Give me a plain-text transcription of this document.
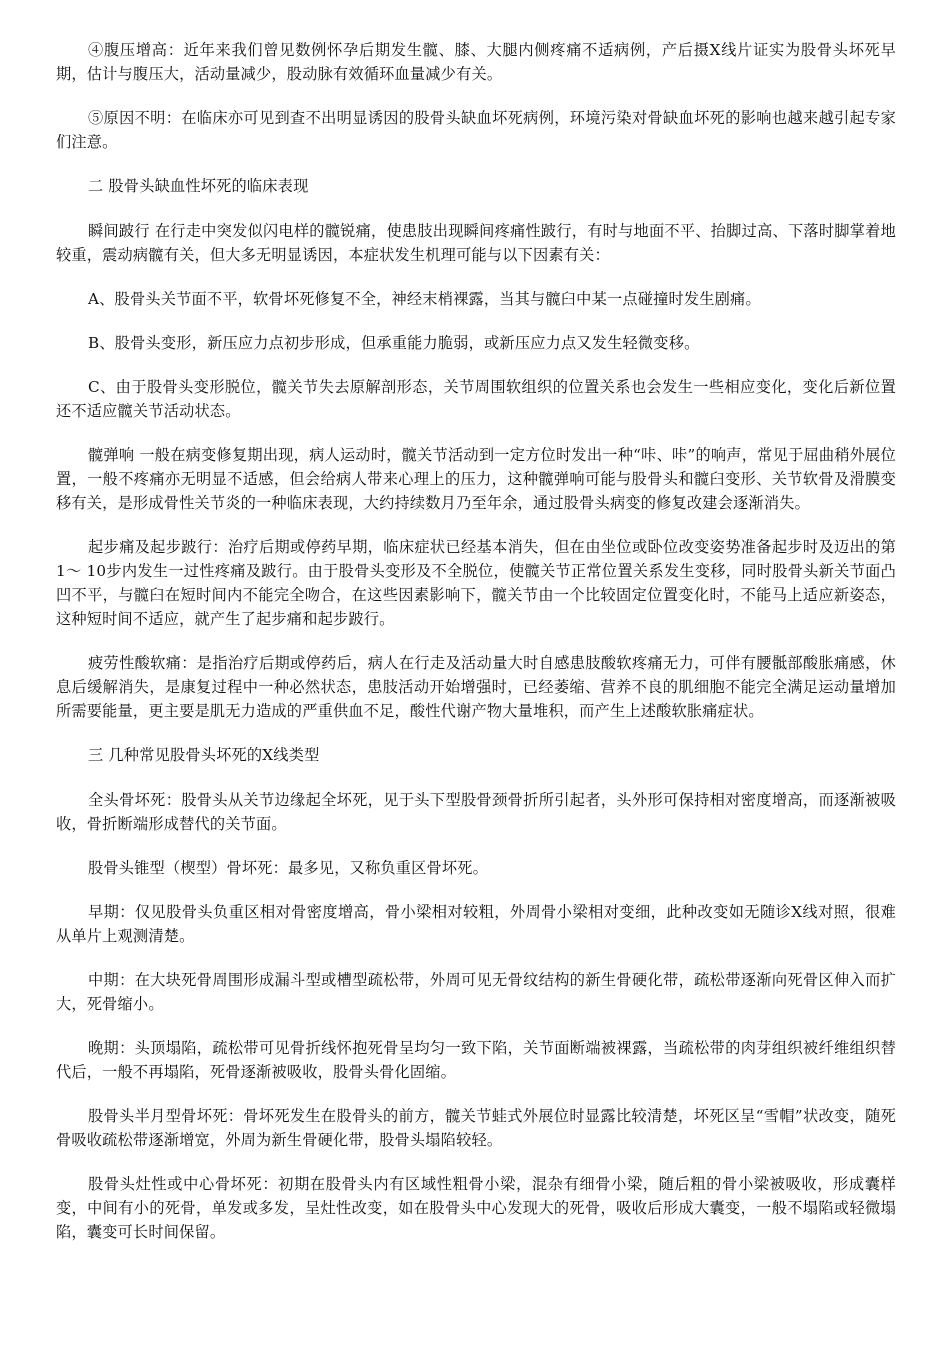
④腹压增高：近年来我们曾见数例怀孕后期发生髋、膝、大腿内侧疼痛不适病例，产后摄X线片证实为股骨头坏死早期，估计与腹压大，活动量减少，股动脉有效循环血量减少有关。

⑤原因不明：在临床亦可见到查不出明显诱因的股骨头缺血坏死病例，环境污染对骨缺血坏死的影响也越来越引起专家们注意。

二 股骨头缺血性坏死的临床表现

瞬间跛行 在行走中突发似闪电样的髋锐痛，使患肢出现瞬间疼痛性跛行，有时与地面不平、抬脚过高、下落时脚掌着地较重，震动病髋有关，但大多无明显诱因，本症状发生机理可能与以下因素有关：

A、股骨头关节面不平，软骨坏死修复不全，神经末梢裸露，当其与髋臼中某一点碰撞时发生剧痛。

B、股骨头变形，新压应力点初步形成，但承重能力脆弱，或新压应力点又发生轻微变移。

C、由于股骨头变形脱位，髋关节失去原解剖形态，关节周围软组织的位置关系也会发生一些相应变化，变化后新位置还不适应髋关节活动状态。

髋弹响 一般在病变修复期出现，病人运动时，髋关节活动到一定方位时发出一种“咔、咔”的响声，常见于屈曲稍外展位置，一般不疼痛亦无明显不适感，但会给病人带来心理上的压力，这种髋弹响可能与股骨头和髋臼变形、关节软骨及滑膜变移有关，是形成骨性关节炎的一种临床表现，大约持续数月乃至年余，通过股骨头病变的修复改建会逐渐消失。

起步痛及起步跛行：治疗后期或停药早期，临床症状已经基本消失，但在由坐位或卧位改变姿势准备起步时及迈出的第 1～ 10步内发生一过性疼痛及跛行。由于股骨头变形及不全脱位，使髋关节正常位置关系发生变移，同时股骨头新关节面凸凹不平，与髋臼在短时间内不能完全吻合，在这些因素影响下，髋关节由一个比较固定位置变化时，不能马上适应新姿态，这种短时间不适应，就产生了起步痛和起步跛行。

疲劳性酸软痛：是指治疗后期或停药后，病人在行走及活动量大时自感患肢酸软疼痛无力，可伴有腰骶部酸胀痛感，休息后缓解消失，是康复过程中一种必然状态，患肢活动开始增强时，已经萎缩、营养不良的肌细胞不能完全满足运动量增加所需要能量，更主要是肌无力造成的严重供血不足，酸性代谢产物大量堆积，而产生上述酸软胀痛症状。

三 几种常见股骨头坏死的X线类型

全头骨坏死：股骨头从关节边缘起全坏死，见于头下型股骨颈骨折所引起者，头外形可保持相对密度增高，而逐渐被吸收，骨折断端形成替代的关节面。

股骨头锥型（楔型）骨坏死：最多见，又称负重区骨坏死。

早期：仅见股骨头负重区相对骨密度增高，骨小梁相对较粗，外周骨小梁相对变细，此种改变如无随诊X线对照，很难从单片上观测清楚。

中期：在大块死骨周围形成漏斗型或槽型疏松带，外周可见无骨纹结构的新生骨硬化带，疏松带逐渐向死骨区伸入而扩大，死骨缩小。

晚期：头顶塌陷，疏松带可见骨折线怀抱死骨呈均匀一致下陷，关节面断端被裸露，当疏松带的肉芽组织被纤维组织替代后，一般不再塌陷，死骨逐渐被吸收，股骨头骨化固缩。

股骨头半月型骨坏死：骨坏死发生在股骨头的前方，髋关节蛙式外展位时显露比较清楚，坏死区呈“雪帽”状改变，随死骨吸收疏松带逐渐增宽，外周为新生骨硬化带，股骨头塌陷较轻。

股骨头灶性或中心骨坏死：初期在股骨头内有区域性粗骨小梁，混杂有细骨小梁，随后粗的骨小梁被吸收，形成囊样变，中间有小的死骨，单发或多发，呈灶性改变，如在股骨头中心发现大的死骨，吸收后形成大囊变，一般不塌陷或轻微塌陷，囊变可长时间保留。
